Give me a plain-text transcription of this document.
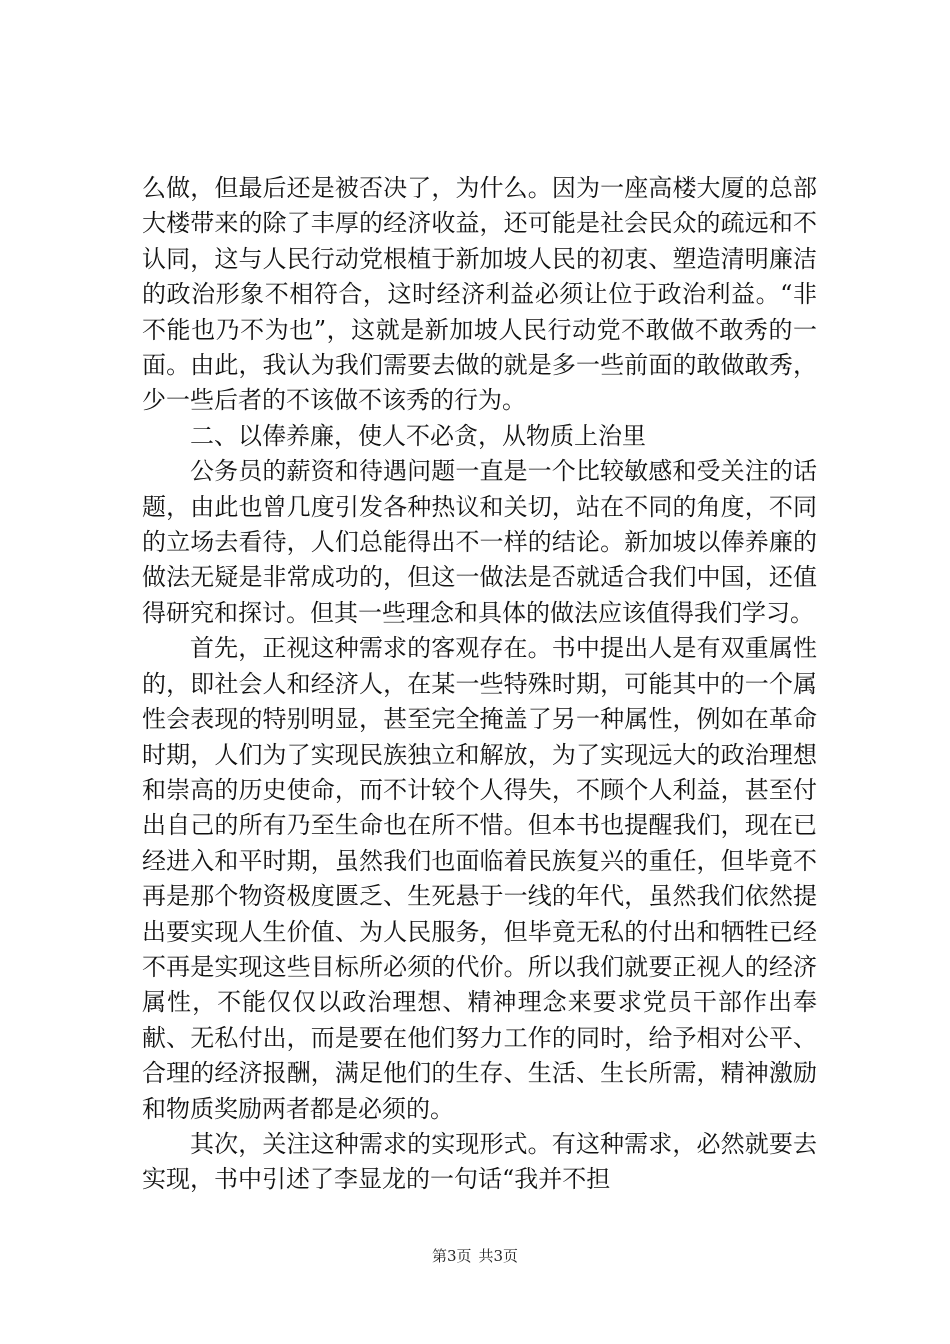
么做，但最后还是被否决了，为什么。因为一座高楼大厦的总部大楼带来的除了丰厚的经济收益，还可能是社会民众的疏远和不认同，这与人民行动党根植于新加坡人民的初衷、塑造清明廉洁的政治形象不相符合，这时经济利益必须让位于政治利益。“非不能也乃不为也”，这就是新加坡人民行动党不敢做不敢秀的一面。由此，我认为我们需要去做的就是多一些前面的敢做敢秀，少一些后者的不该做不该秀的行为。

二、以俸养廉，使人不必贪，从物质上治里

公务员的薪资和待遇问题一直是一个比较敏感和受关注的话题，由此也曾几度引发各种热议和关切，站在不同的角度，不同的立场去看待，人们总能得出不一样的结论。新加坡以俸养廉的做法无疑是非常成功的，但这一做法是否就适合我们中国，还值得研究和探讨。但其一些理念和具体的做法应该值得我们学习。

首先，正视这种需求的客观存在。书中提出人是有双重属性的，即社会人和经济人，在某一些特殊时期，可能其中的一个属性会表现的特别明显，甚至完全掩盖了另一种属性，例如在革命时期，人们为了实现民族独立和解放，为了实现远大的政治理想和崇高的历史使命，而不计较个人得失，不顾个人利益，甚至付出自己的所有乃至生命也在所不惜。但本书也提醒我们，现在已经进入和平时期，虽然我们也面临着民族复兴的重任，但毕竟不再是那个物资极度匮乏、生死悬于一线的年代，虽然我们依然提出要实现人生价值、为人民服务，但毕竟无私的付出和牺牲已经不再是实现这些目标所必须的代价。所以我们就要正视人的经济属性，不能仅仅以政治理想、精神理念来要求党员干部作出奉献、无私付出，而是要在他们努力工作的同时，给予相对公平、合理的经济报酬，满足他们的生存、生活、生长所需，精神激励和物质奖励两者都是必须的。

其次，关注这种需求的实现形式。有这种需求，必然就要去实现，书中引述了李显龙的一句话“我并不担

第3页 共3页
